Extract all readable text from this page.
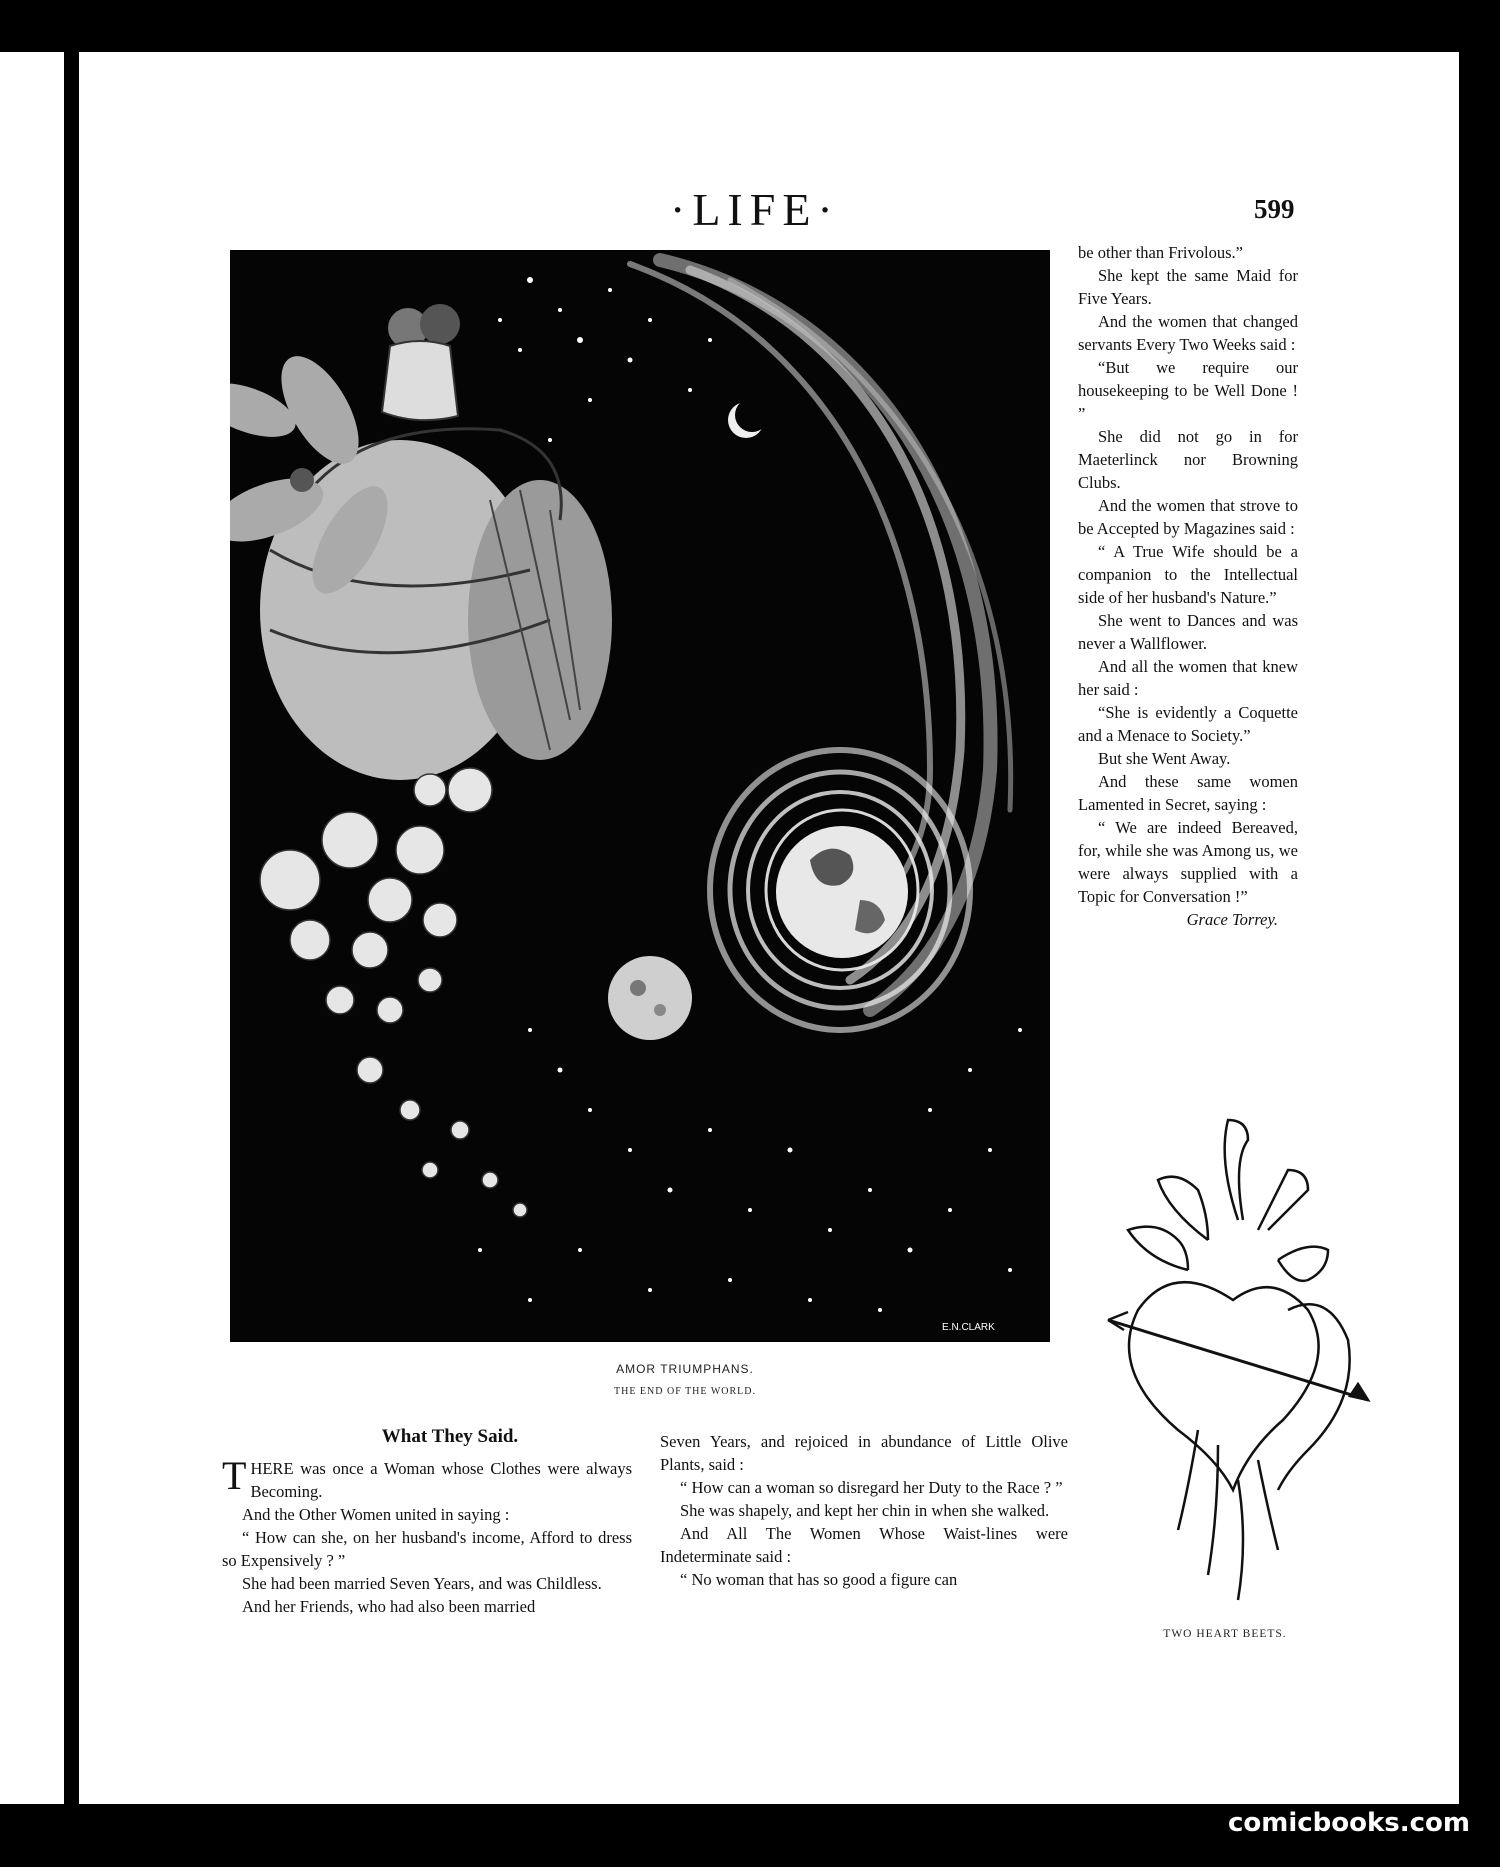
·LIFE·	599
E.N.CLARK
AMOR TRIUMPHANS.
THE END OF THE WORLD.

be other than Frivolous.”

She kept the same Maid for Five Years.

And the women that changed servants Every Two Weeks said :

“But we require our housekeeping to be Well Done ! ”

She did not go in for Maeterlinck nor Browning Clubs.

And the women that strove to be Accepted by Magazines said :

“ A True Wife should be a companion to the Intellectual side of her husband's Nature.”

She went to Dances and was never a Wallflower.

And all the women that knew her said :

“She is evidently a Coquette and a Menace to Society.”

But she Went Away.

And these same women Lamented in Secret, saying :

“ We are indeed Bereaved, for, while she was Among us, we were always supplied with a Topic for Conversation !”

Grace Torrey.

TWO HEART BEETS.
What They Said.

THERE was once a Woman whose Clothes were always Becoming.

And the Other Women united in saying :

“ How can she, on her husband's income, Afford to dress so Expensively ? ”

She had been married Seven Years, and was Childless.

And her Friends, who had also been married

Seven Years, and rejoiced in abundance of Little Olive Plants, said :

“ How can a woman so disregard her Duty to the Race ? ”

She was shapely, and kept her chin in when she walked.

And All The Women Whose Waist-lines were Indeterminate said :

“ No woman that has so good a figure can

comicbooks.com
